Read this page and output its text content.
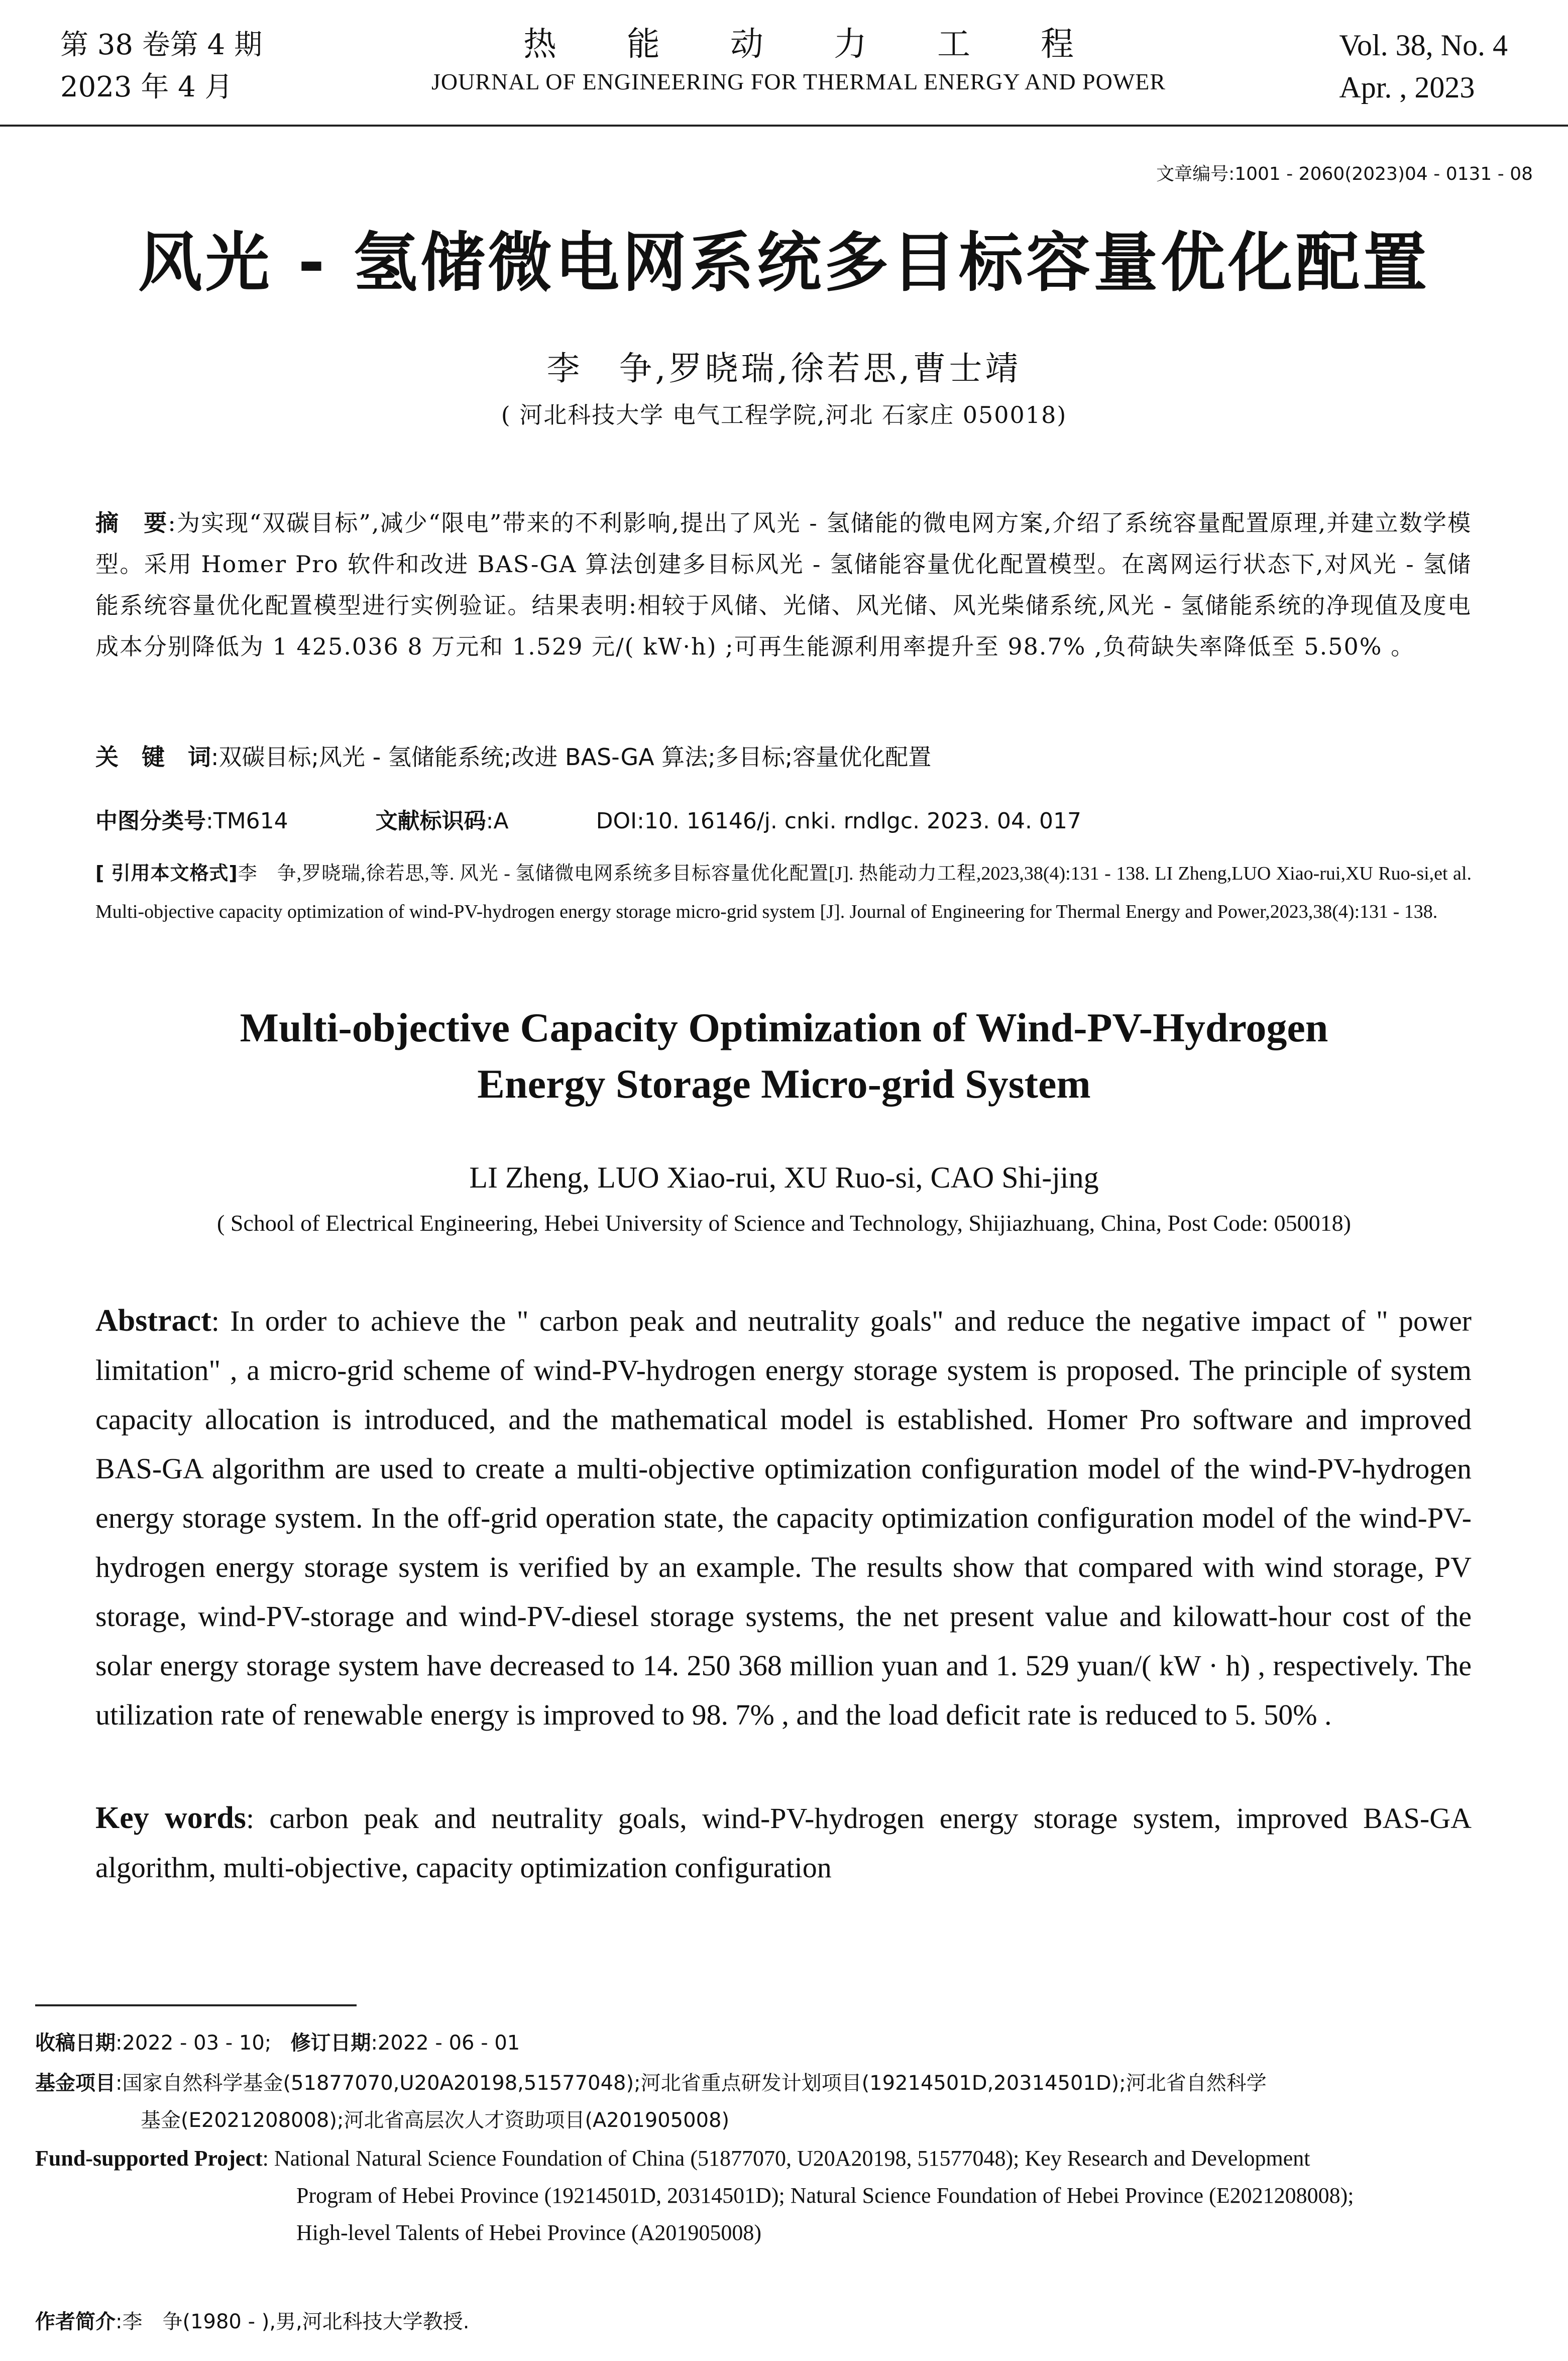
第 38 卷第 4 期
2023 年 4 月
热能动力工程
JOURNAL OF ENGINEERING FOR THERMAL ENERGY AND POWER
Vol. 38, No. 4
Apr. , 2023
文章编号:1001 - 2060(2023)04 - 0131 - 08
风光 - 氢储微电网系统多目标容量优化配置
李　争,罗晓瑞,徐若思,曹士靖
( 河北科技大学 电气工程学院,河北 石家庄 050018)
摘　要:为实现“双碳目标”,减少“限电”带来的不利影响,提出了风光 - 氢储能的微电网方案,介绍了系统容量配置原理,并建立数学模型。采用 Homer Pro 软件和改进 BAS-GA 算法创建多目标风光 - 氢储能容量优化配置模型。在离网运行状态下,对风光 - 氢储能系统容量优化配置模型进行实例验证。结果表明:相较于风储、光储、风光储、风光柴储系统,风光 - 氢储能系统的净现值及度电成本分别降低为 1 425.036 8 万元和 1.529 元/( kW·h) ;可再生能源利用率提升至 98.7% ,负荷缺失率降低至 5.50% 。
关　键　词:双碳目标;风光 - 氢储能系统;改进 BAS-GA 算法;多目标;容量优化配置
中图分类号:TM614	文献标识码:A	DOI:10. 16146/j. cnki. rndlgc. 2023. 04. 017
[ 引用本文格式]李　争,罗晓瑞,徐若思,等. 风光 - 氢储微电网系统多目标容量优化配置[J]. 热能动力工程,2023,38(4):131 - 138. LI Zheng,LUO Xiao-rui,XU Ruo-si,et al. Multi-objective capacity optimization of wind-PV-hydrogen energy storage micro-grid system [J]. Journal of Engineering for Thermal Energy and Power,2023,38(4):131 - 138.
Multi-objective Capacity Optimization of Wind-PV-Hydrogen
Energy Storage Micro-grid System
LI Zheng, LUO Xiao-rui, XU Ruo-si, CAO Shi-jing
( School of Electrical Engineering, Hebei University of Science and Technology, Shijiazhuang, China, Post Code: 050018)
Abstract: In order to achieve the " carbon peak and neutrality goals" and reduce the negative impact of " power limitation" , a micro-grid scheme of wind-PV-hydrogen energy storage system is proposed. The principle of system capacity allocation is introduced, and the mathematical model is established. Homer Pro software and improved BAS-GA algorithm are used to create a multi-objective optimization configuration model of the wind-PV-hydrogen energy storage system. In the off-grid operation state, the capacity optimization configuration model of the wind-PV-hydrogen energy storage system is verified by an example. The results show that compared with wind storage, PV storage, wind-PV-storage and wind-PV-diesel storage systems, the net present value and kilowatt-hour cost of the solar energy storage system have decreased to 14. 250 368 million yuan and 1. 529 yuan/( kW · h) , respectively. The utilization rate of renewable energy is improved to 98. 7% , and the load deficit rate is reduced to 5. 50% .
Key words: carbon peak and neutrality goals, wind-PV-hydrogen energy storage system, improved BAS-GA algorithm, multi-objective, capacity optimization configuration
收稿日期:2022 - 03 - 10; 修订日期:2022 - 06 - 01
基金项目:国家自然科学基金(51877070,U20A20198,51577048);河北省重点研发计划项目(19214501D,20314501D);河北省自然科学
基金(E2021208008);河北省高层次人才资助项目(A201905008)
Fund-supported Project: National Natural Science Foundation of China (51877070, U20A20198, 51577048); Key Research and Development
Program of Hebei Province (19214501D, 20314501D); Natural Science Foundation of Hebei Province (E2021208008);
High-level Talents of Hebei Province (A201905008)
作者简介:李　争(1980 - ),男,河北科技大学教授.
